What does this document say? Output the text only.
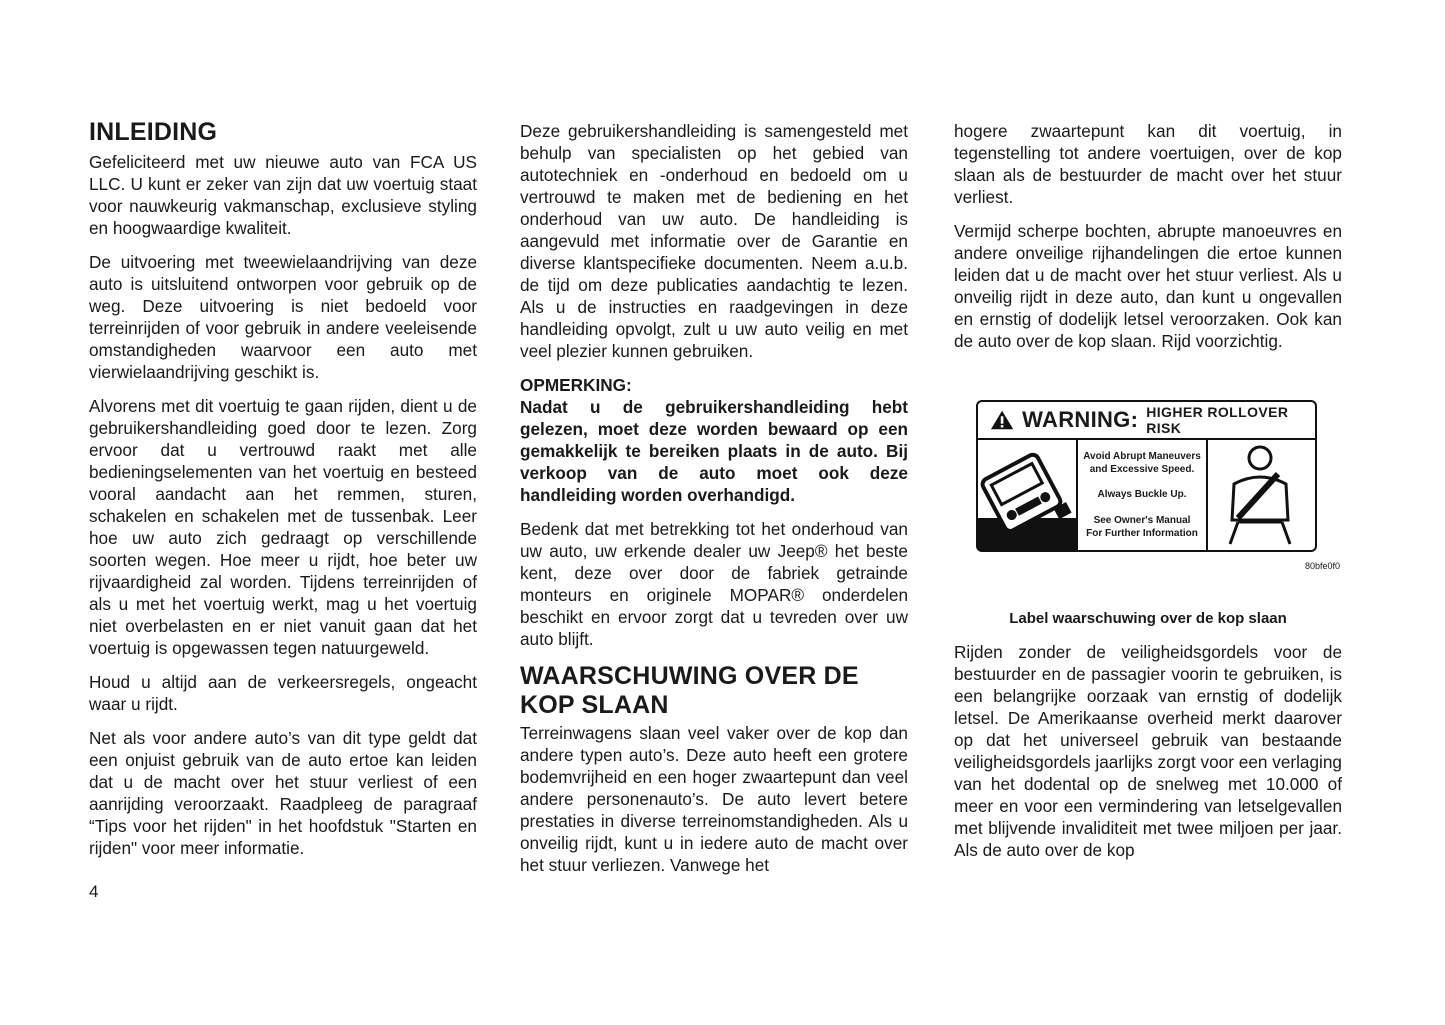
INLEIDING

Gefeliciteerd met uw nieuwe auto van FCA US LLC. U kunt er zeker van zijn dat uw voertuig staat voor nauwkeurig vakmanschap, exclusieve styling en hoogwaardige kwaliteit.

De uitvoering met tweewielaandrijving van deze auto is uitsluitend ontworpen voor gebruik op de weg. Deze uitvoering is niet bedoeld voor terreinrijden of voor gebruik in andere veeleisende omstandigheden waarvoor een auto met vierwielaandrijving geschikt is.

Alvorens met dit voertuig te gaan rijden, dient u de gebruikershandleiding goed door te lezen. Zorg ervoor dat u vertrouwd raakt met alle bedieningselementen van het voertuig en besteed vooral aandacht aan het remmen, sturen, schakelen en schakelen met de tussenbak. Leer hoe uw auto zich gedraagt op verschillende soorten wegen. Hoe meer u rijdt, hoe beter uw rijvaardigheid zal worden. Tijdens terreinrijden of als u met het voertuig werkt, mag u het voertuig niet overbelasten en er niet vanuit gaan dat het voertuig is opgewassen tegen natuurgeweld.

Houd u altijd aan de verkeersregels, ongeacht waar u rijdt.

Net als voor andere auto’s van dit type geldt dat een onjuist gebruik van de auto ertoe kan leiden dat u de macht over het stuur verliest of een aanrijding veroorzaakt. Raadpleeg de paragraaf “Tips voor het rijden" in het hoofdstuk "Starten en rijden" voor meer informatie.

Deze gebruikershandleiding is samengesteld met behulp van specialisten op het gebied van autotechniek en -onderhoud en bedoeld om u vertrouwd te maken met de bediening en het onderhoud van uw auto. De handleiding is aangevuld met informatie over de Garantie en diverse klantspecifieke documenten. Neem a.u.b. de tijd om deze publicaties aandachtig te lezen. Als u de instructies en raadgevingen in deze handleiding opvolgt, zult u uw auto veilig en met veel plezier kunnen gebruiken.

OPMERKING:

Nadat u de gebruikershandleiding hebt gelezen, moet deze worden bewaard op een gemakkelijk te bereiken plaats in de auto. Bij verkoop van de auto moet ook deze handleiding worden overhandigd.

Bedenk dat met betrekking tot het onderhoud van uw auto, uw erkende dealer uw Jeep® het beste kent, deze over door de fabriek getrainde monteurs en originele MOPAR® onderdelen beschikt en ervoor zorgt dat u tevreden over uw auto blijft.

WAARSCHUWING OVER DE KOP SLAAN

Terreinwagens slaan veel vaker over de kop dan andere typen auto’s. Deze auto heeft een grotere bodemvrijheid en een hoger zwaartepunt dan veel andere personenauto’s. De auto levert betere prestaties in diverse terreinomstandigheden. Als u onveilig rijdt, kunt u in iedere auto de macht over het stuur verliezen. Vanwege het

hogere zwaartepunt kan dit voertuig, in tegenstelling tot andere voertuigen, over de kop slaan als de bestuurder de macht over het stuur verliest.

Vermijd scherpe bochten, abrupte manoeuvres en andere onveilige rijhandelingen die ertoe kunnen leiden dat u de macht over het stuur verliest. Als u onveilig rijdt in deze auto, dan kunt u ongevallen en ernstig of dodelijk letsel veroorzaken. Ook kan de auto over de kop slaan. Rijd voorzichtig.

WARNING: HIGHER ROLLOVER RISK
Avoid Abrupt Maneuvers
and Excessive Speed.
Always Buckle Up.
See Owner's Manual
For Further Information
80bfe0f0
Label waarschuwing over de kop slaan

Rijden zonder de veiligheidsgordels voor de bestuurder en de passagier voorin te gebruiken, is een belangrijke oorzaak van ernstig of dodelijk letsel. De Amerikaanse overheid merkt daarover op dat het universeel gebruik van bestaande veiligheidsgordels jaarlijks zorgt voor een verlaging van het dodental op de snelweg met 10.000 of meer en voor een vermindering van letselgevallen met blijvende invaliditeit met twee miljoen per jaar. Als de auto over de kop

4
